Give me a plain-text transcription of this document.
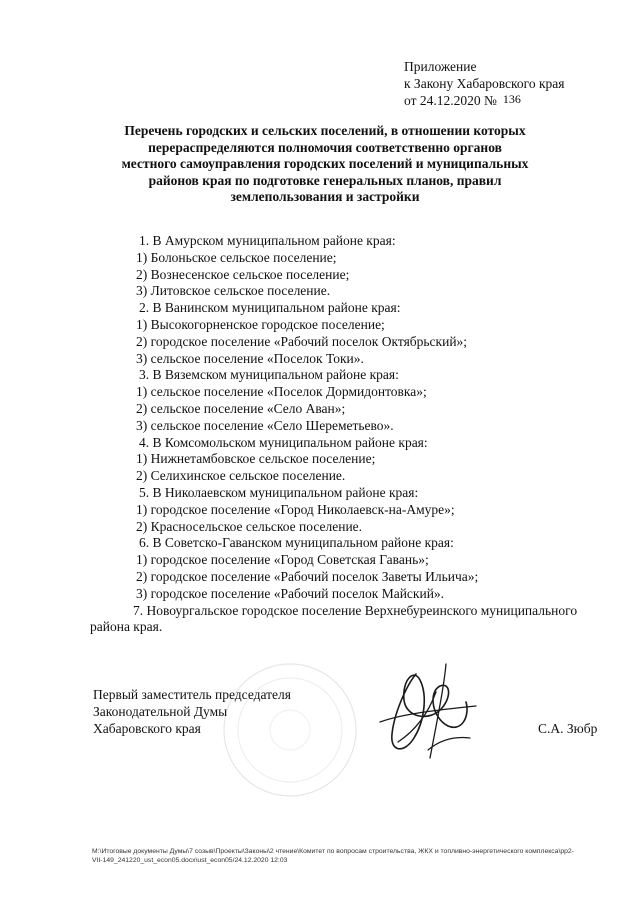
Приложение
к Закону Хабаровского края
от 24.12.2020 № 136
Перечень городских и сельских поселений, в отношении которых
перераспределяются полномочия соответственно органов
местного самоуправления городских поселений и муниципальных
районов края по подготовке генеральных планов, правил
землепользования и застройки
1. В Амурском муниципальном районе края:
1) Болоньское сельское поселение;
2) Вознесенское сельское поселение;
3) Литовское сельское поселение.
2. В Ванинском муниципальном районе края:
1) Высокогорненское городское поселение;
2) городское поселение «Рабочий поселок Октябрьский»;
3) сельское поселение «Поселок Токи».
3. В Вяземском муниципальном районе края:
1) сельское поселение «Поселок Дормидонтовка»;
2) сельское поселение «Село Аван»;
3) сельское поселение «Село Шереметьево».
4. В Комсомольском муниципальном районе края:
1) Нижнетамбовское сельское поселение;
2) Селихинское сельское поселение.
5. В Николаевском муниципальном районе края:
1) городское поселение «Город Николаевск-на-Амуре»;
2) Красносельское сельское поселение.
6. В Советско-Гаванском муниципальном районе края:
1) городское поселение «Город Советская Гавань»;
2) городское поселение «Рабочий поселок Заветы Ильича»;
3) городское поселение «Рабочий поселок Майский».
7. Новоургальское городское поселение Верхнебуреинского муниципального
района края.
Первый заместитель председателя
Законодательной Думы
Хабаровского края	С.А. Зюбр
M:\Итоговые документы Думы\7 созыв\Проекты\Законы\2 чтение\Комитет по вопросам строительства, ЖКХ и топливно-энергетического комплекса\pp2-
VII-149_241220_ust_econ05.docx\ust_econ05/24.12.2020 12:03
